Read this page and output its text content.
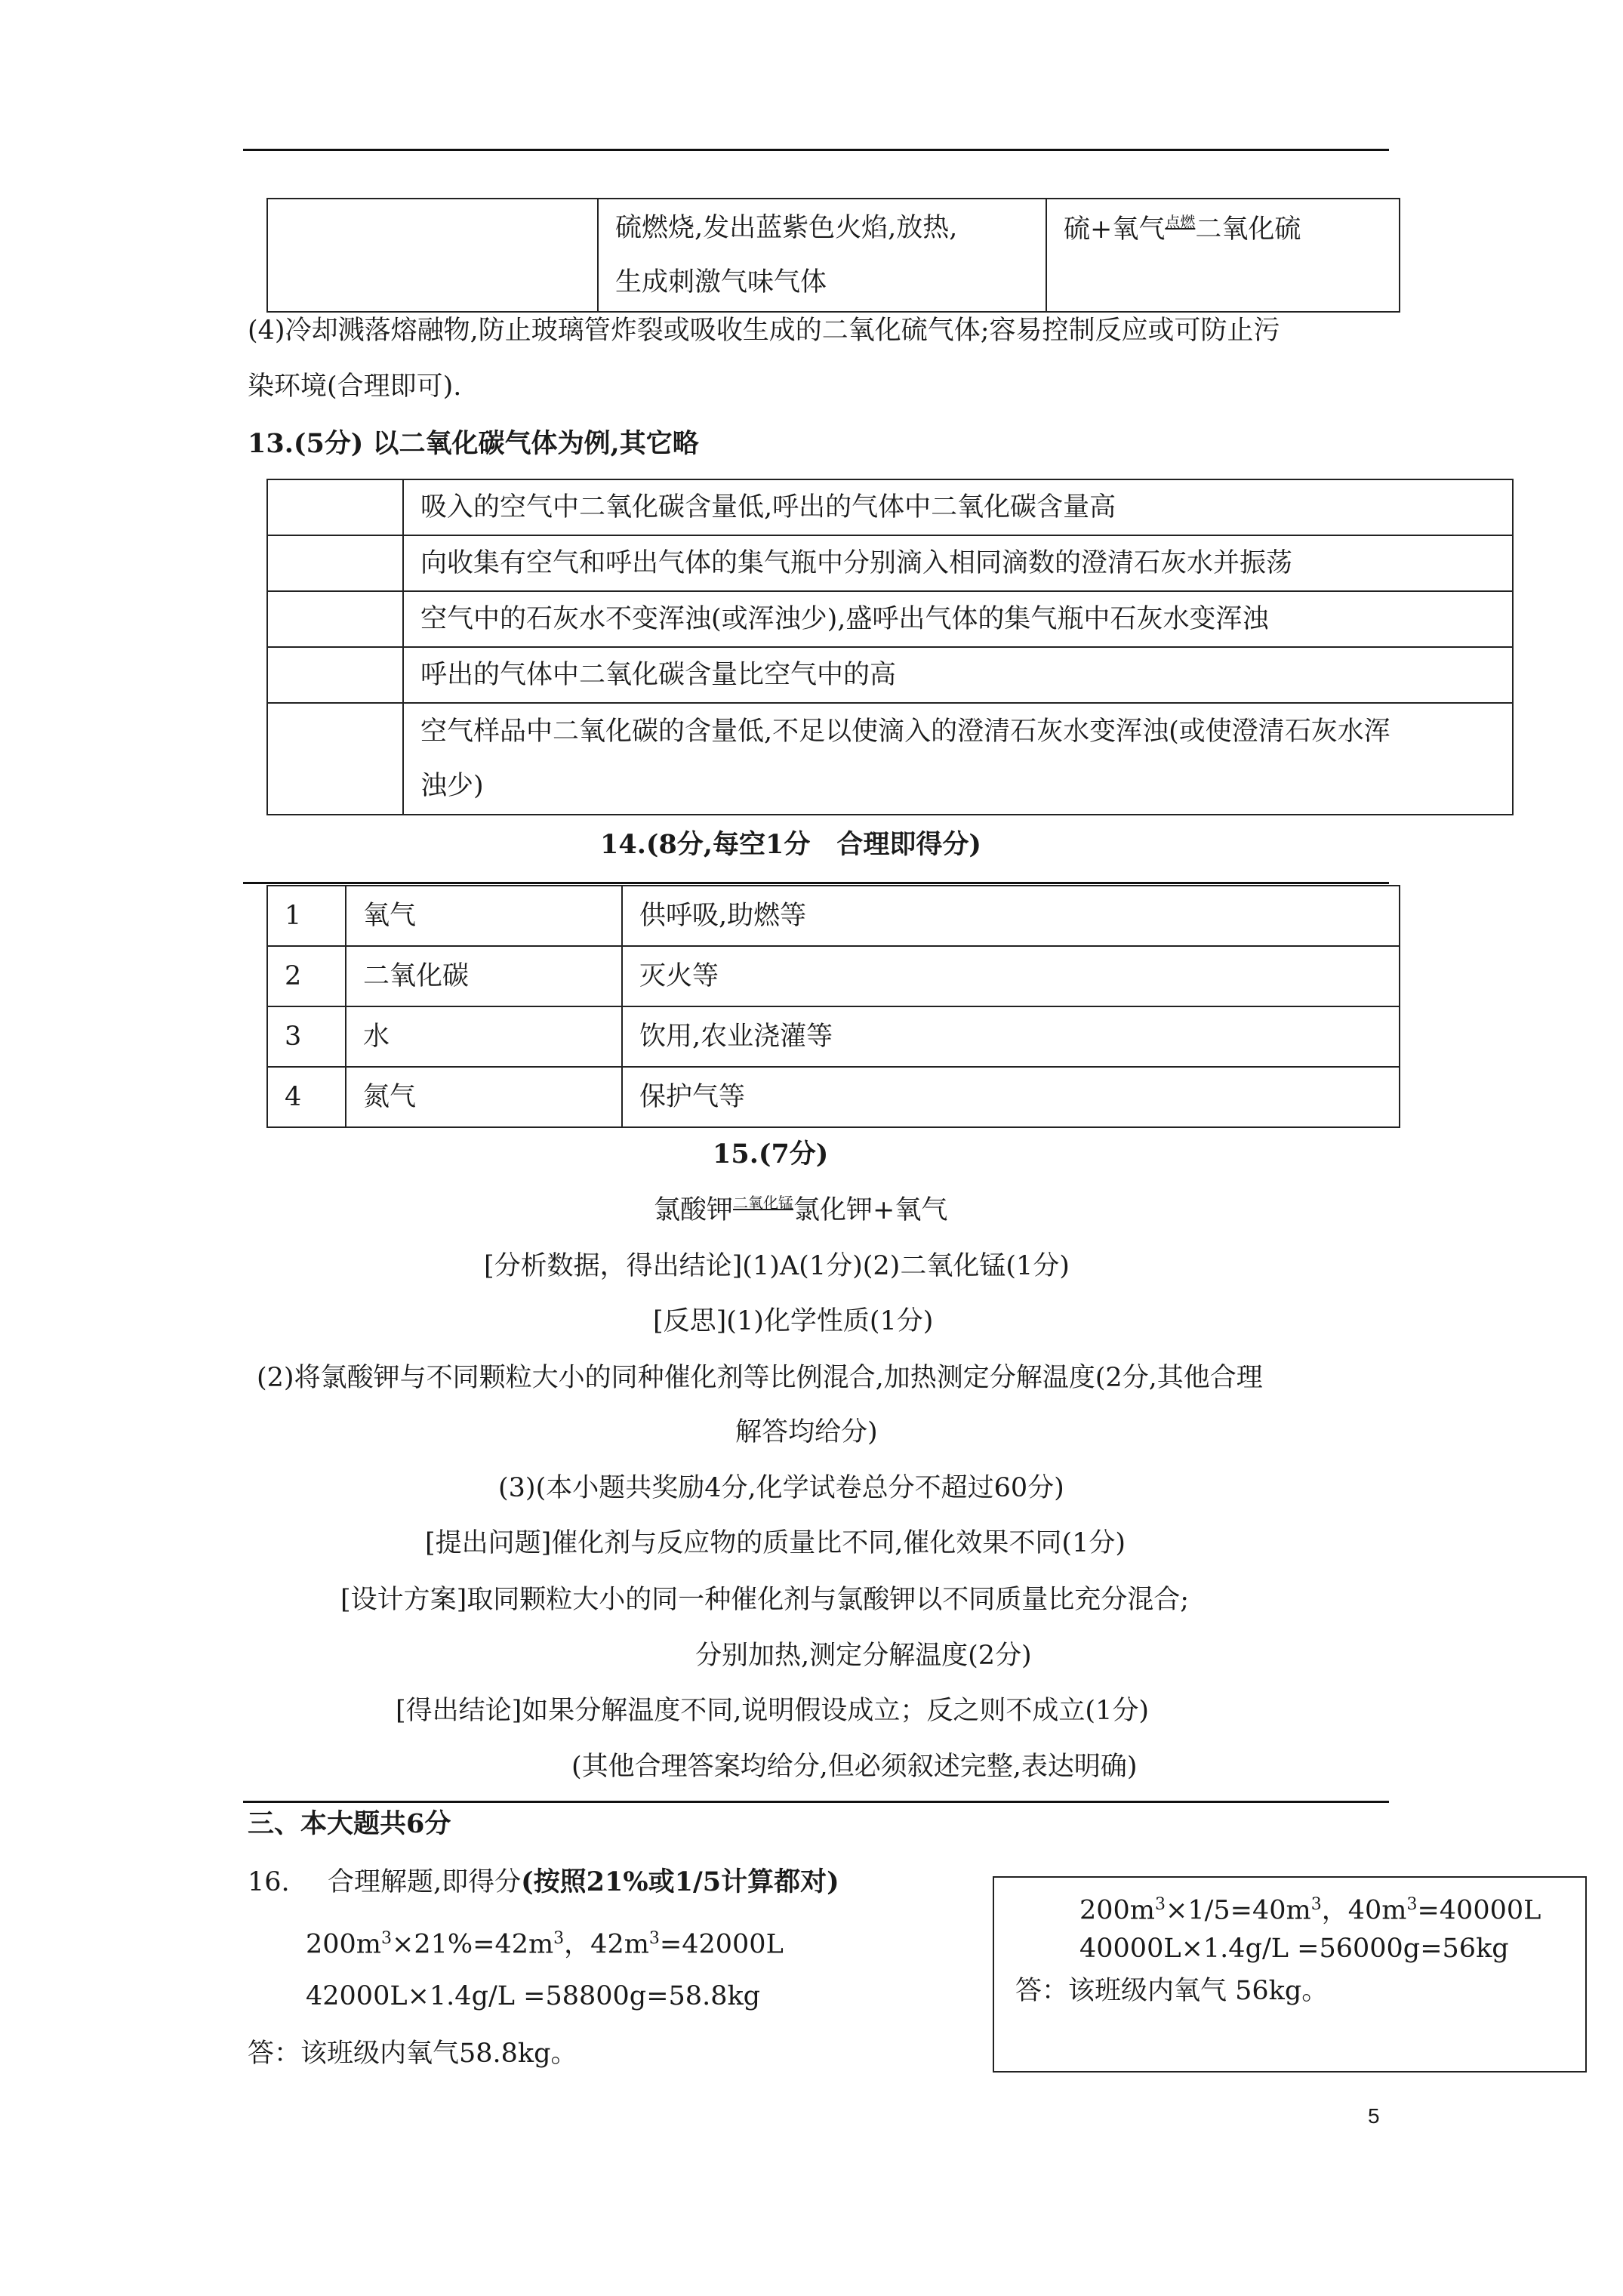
硫燃烧,发出蓝紫色火焰,放热,
生成刺激气味气体
	硫+氧气$^{点燃}$二氧化硫
(4)冷却溅落熔融物,防止玻璃管炸裂或吸收生成的二氧化硫气体;容易控制反应或可防止污
染环境(合理即可).
13.(5分) 以二氧化碳气体为例,其它略
	吸入的空气中二氧化碳含量低,呼出的气体中二氧化碳含量高
	向收集有空气和呼出气体的集气瓶中分别滴入相同滴数的澄清石灰水并振荡
	空气中的石灰水不变浑浊(或浑浊少),盛呼出气体的集气瓶中石灰水变浑浊
	呼出的气体中二氧化碳含量比空气中的高

	空气样品中二氧化碳的含量低,不足以使滴入的澄清石灰水变浑浊(或使澄清石灰水浑
浊少)
14.(8分,每空1分　合理即得分)
1	氧气	供呼吸,助燃等
2	二氧化碳	灭火等
3	水	饮用,农业浇灌等
4	氮气	保护气等
15.(7分)
氯酸钾$^{二氧化锰}$氯化钾+氧气
[分析数据，得出结论](1)A(1分)(2)二氧化锰(1分)
[反思](1)化学性质(1分)
(2)将氯酸钾与不同颗粒大小的同种催化剂等比例混合,加热测定分解温度(2分,其他合理
解答均给分)
(3)(本小题共奖励4分,化学试卷总分不超过60分)
[提出问题]催化剂与反应物的质量比不同,催化效果不同(1分)
[设计方案]取同颗粒大小的同一种催化剂与氯酸钾以不同质量比充分混合;
分别加热,测定分解温度(2分)
[得出结论]如果分解温度不同,说明假设成立；反之则不成立(1分)
(其他合理答案均给分,但必须叙述完整,表达明确)
三、本大题共6分
16. 合理解题,即得分(按照21%或1/5计算都对)
$200m^3\times 21\%=42m^3$，$42m^3=42000L$
42000L×1.4g/L =58800g=58.8kg
答：该班级内氧气58.8kg。
$200m^3\times 1/5=40m^3$，$40m^3=40000L$
40000L×1.4g/L =56000g=56kg
答：该班级内氧气 56kg。
5
